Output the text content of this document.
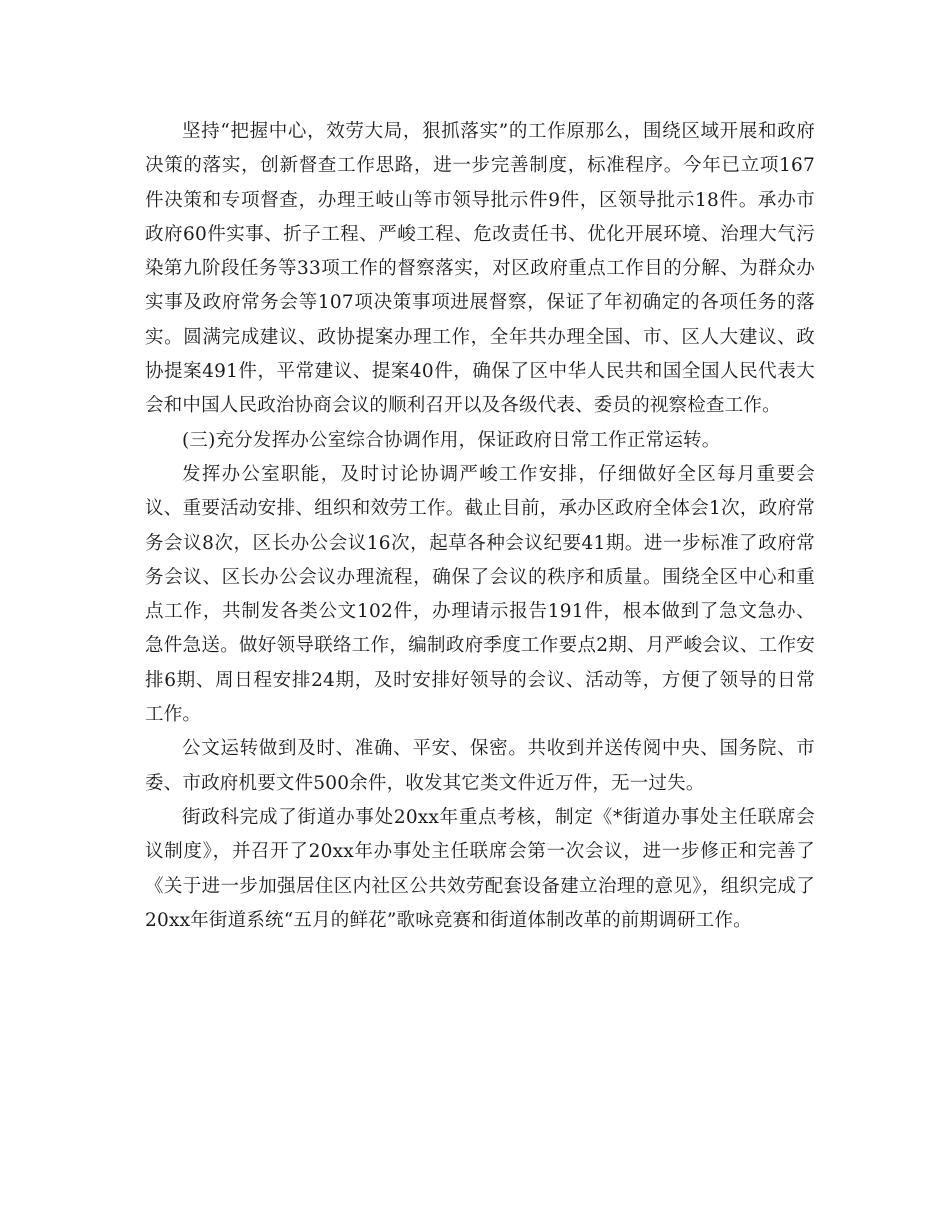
坚持“把握中心，效劳大局，狠抓落实”的工作原那么，围绕区域开展和政府决策的落实，创新督查工作思路，进一步完善制度，标准程序。今年已立项167件决策和专项督查，办理王岐山等市领导批示件9件，区领导批示18件。承办市政府60件实事、折子工程、严峻工程、危改责任书、优化开展环境、治理大气污染第九阶段任务等33项工作的督察落实，对区政府重点工作目的分解、为群众办实事及政府常务会等107项决策事项进展督察，保证了年初确定的各项任务的落实。圆满完成建议、政协提案办理工作，全年共办理全国、市、区人大建议、政协提案491件，平常建议、提案40件，确保了区中华人民共和国全国人民代表大会和中国人民政治协商会议的顺利召开以及各级代表、委员的视察检查工作。

(三)充分发挥办公室综合协调作用，保证政府日常工作正常运转。

发挥办公室职能，及时讨论协调严峻工作安排，仔细做好全区每月重要会议、重要活动安排、组织和效劳工作。截止目前，承办区政府全体会1次，政府常务会议8次，区长办公会议16次，起草各种会议纪要41期。进一步标准了政府常务会议、区长办公会议办理流程，确保了会议的秩序和质量。围绕全区中心和重点工作，共制发各类公文102件，办理请示报告191件，根本做到了急文急办、急件急送。做好领导联络工作，编制政府季度工作要点2期、月严峻会议、工作安排6期、周日程安排24期，及时安排好领导的会议、活动等，方便了领导的日常工作。

公文运转做到及时、准确、平安、保密。共收到并送传阅中央、国务院、市委、市政府机要文件500余件，收发其它类文件近万件，无一过失。

街政科完成了街道办事处20xx年重点考核，制定《*街道办事处主任联席会议制度》，并召开了20xx年办事处主任联席会第一次会议，进一步修正和完善了《关于进一步加强居住区内社区公共效劳配套设备建立治理的意见》，组织完成了20xx年街道系统“五月的鲜花”歌咏竞赛和街道体制改革的前期调研工作。
